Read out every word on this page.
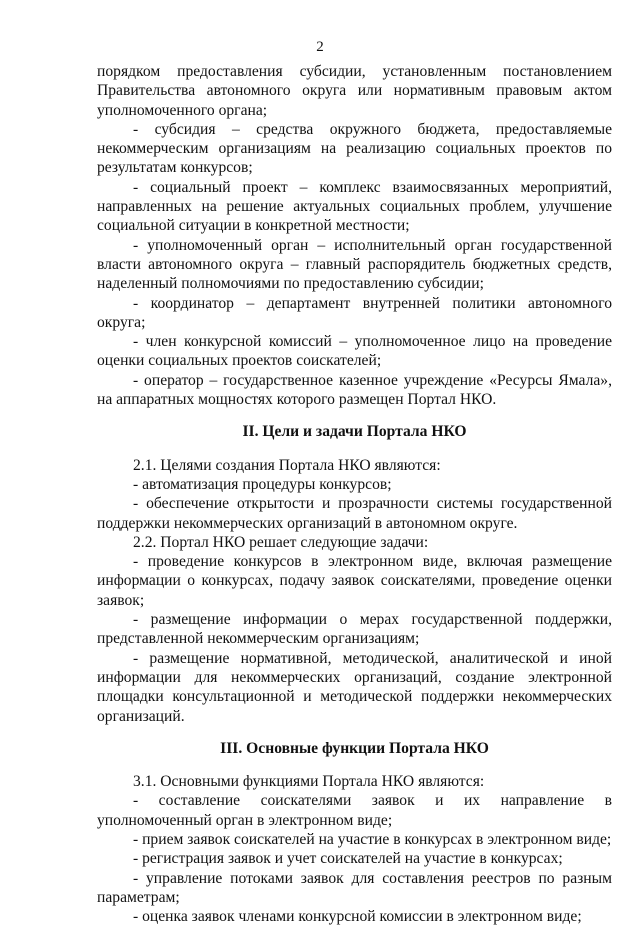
2

порядком предоставления субсидии, установленным постановлением Правительства автономного округа или нормативным правовым актом уполномоченного органа;

- субсидия – средства окружного бюджета, предоставляемые некоммерческим организациям на реализацию социальных проектов по результатам конкурсов;

- социальный проект – комплекс взаимосвязанных мероприятий, направленных на решение актуальных социальных проблем, улучшение социальной ситуации в конкретной местности;

- уполномоченный орган – исполнительный орган государственной власти автономного округа – главный распорядитель бюджетных средств, наделенный полномочиями по предоставлению субсидии;

- координатор – департамент внутренней политики автономного округа;

- член конкурсной комиссий – уполномоченное лицо на проведение оценки социальных проектов соискателей;

- оператор – государственное казенное учреждение «Ресурсы Ямала», на аппаратных мощностях которого размещен Портал НКО.

II. Цели и задачи Портала НКО

2.1. Целями создания Портала НКО являются:

- автоматизация процедуры конкурсов;

- обеспечение открытости и прозрачности системы государственной поддержки некоммерческих организаций в автономном округе.

2.2. Портал НКО решает следующие задачи:

- проведение конкурсов в электронном виде, включая размещение информации о конкурсах, подачу заявок соискателями, проведение оценки заявок;

- размещение информации о мерах государственной поддержки, представленной некоммерческим организациям;

- размещение нормативной, методической, аналитической и иной информации для некоммерческих организаций, создание электронной площадки консультационной и методической поддержки некоммерческих организаций.

III. Основные функции Портала НКО

3.1. Основными функциями Портала НКО являются:

- составление соискателями заявок и их направление в уполномоченный орган в электронном виде;

- прием заявок соискателей на участие в конкурсах в электронном виде;

- регистрация заявок и учет соискателей на участие в конкурсах;

- управление потоками заявок для составления реестров по разным параметрам;

- оценка заявок членами конкурсной комиссии в электронном виде;
